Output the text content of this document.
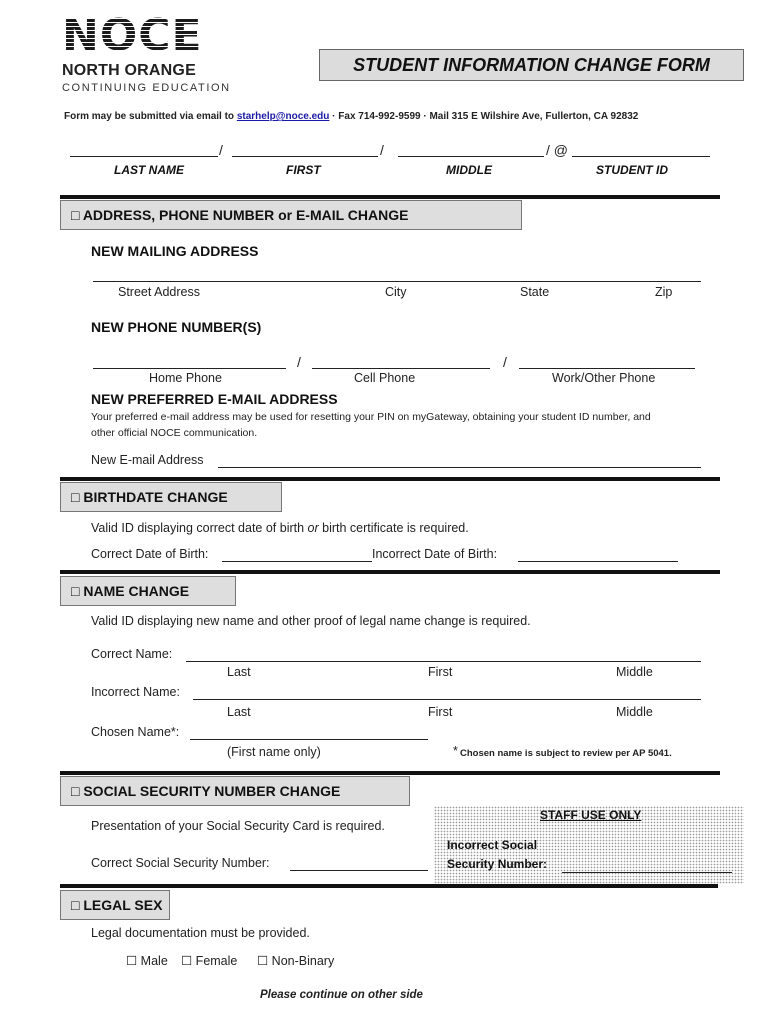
NOCE
NORTH ORANGE
CONTINUING EDUCATION
STUDENT INFORMATION CHANGE FORM
Form may be submitted via email to starhelp@noce.edu · Fax 714-992-9599 · Mail 315 E Wilshire Ave, Fullerton, CA 92832
/	/	/ @
LAST NAME	FIRST	MIDDLE	STUDENT ID
□ ADDRESS, PHONE NUMBER or E-MAIL CHANGE
NEW MAILING ADDRESS
Street Address	City	State	Zip
NEW PHONE NUMBER(S)
/	/
Home Phone	Cell Phone	Work/Other Phone
NEW PREFERRED E-MAIL ADDRESS
Your preferred e-mail address may be used for resetting your PIN on myGateway, obtaining your student ID number, and other official NOCE communication.
New E-mail Address
□ BIRTHDATE CHANGE
Valid ID displaying correct date of birth or birth certificate is required.
Correct Date of Birth:	Incorrect Date of Birth:
□ NAME CHANGE
Valid ID displaying new name and other proof of legal name change is required.
Correct Name:
Last	First	Middle
Incorrect Name:
Last	First	Middle
Chosen Name*:
(First name only)	* Chosen name is subject to review per AP 5041.
□ SOCIAL SECURITY NUMBER CHANGE
Presentation of your Social Security Card is required.
Correct Social Security Number:
STAFF USE ONLY
Incorrect Social
Security Number:
□ LEGAL SEX
Legal documentation must be provided.
☐ Male ☐ Female ☐ Non-Binary
Please continue on other side
